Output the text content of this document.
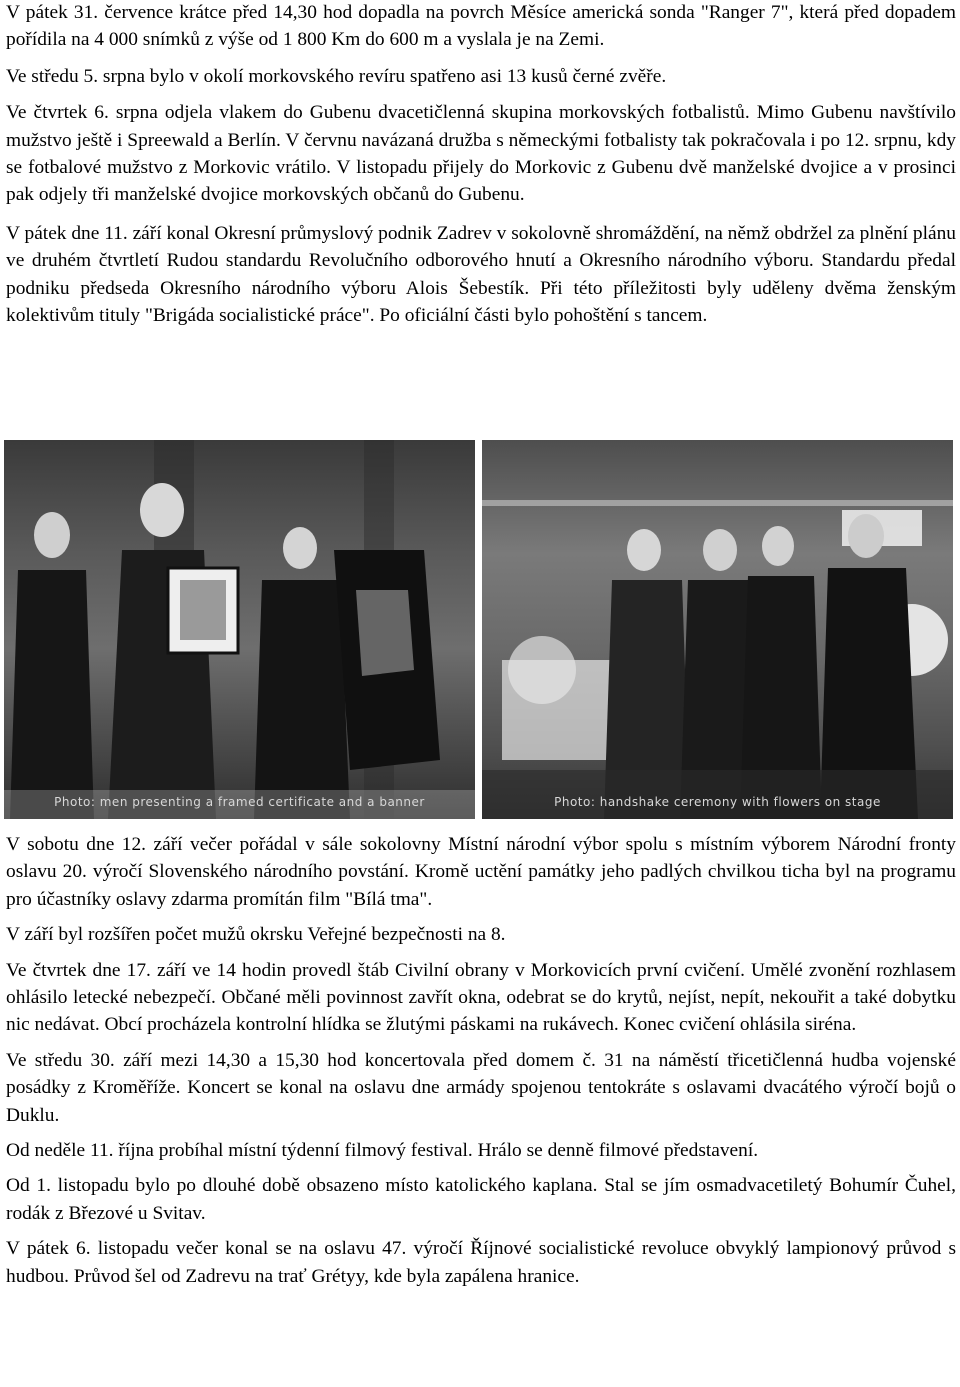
V pátek 31. července krátce před 14,30 hod dopadla na povrch Měsíce americká sonda "Ranger 7", která před dopadem pořídila na 4 000 snímků z výše od 1 800 Km do 600 m a vyslala je na Zemi.

Ve středu 5. srpna bylo v okolí morkovského revíru spatřeno asi 13 kusů černé zvěře.

Ve čtvrtek 6. srpna odjela vlakem do Gubenu dvacetičlenná skupina morkovských fotbalistů. Mimo Gubenu navštívilo mužstvo ještě i Spreewald a Berlín. V červnu navázaná družba s německými fotbalisty tak pokračovala i po 12. srpnu, kdy se fotbalové mužstvo z Morkovic vrátilo. V listopadu přijely do Morkovic z Gubenu dvě manželské dvojice a v prosinci pak odjely tři manželské dvojice morkovských občanů do Gubenu.

V pátek dne 11. září konal Okresní průmyslový podnik Zadrev v sokolovně shromáždění, na němž obdržel za plnění plánu ve druhém čtvrtletí Rudou standardu Revolučního odborového hnutí a Okresního národního výboru. Standardu předal podniku předseda Okresního národního výboru Alois Šebestík. Při této příležitosti byly uděleny dvěma ženským kolektivům tituly "Brigáda socialistické práce". Po oficiální části bylo pohoštění s tancem.

Photo: men presenting a framed certificate and a banner	Photo: handshake ceremony with flowers on stage

V sobotu dne 12. září večer pořádal v sále sokolovny Místní národní výbor spolu s místním výborem Národní fronty oslavu 20. výročí Slovenského národního povstání. Kromě uctění památky jeho padlých chvilkou ticha byl na programu pro účastníky oslavy zdarma promítán film "Bílá tma".

V září byl rozšířen počet mužů okrsku Veřejné bezpečnosti na 8.

Ve čtvrtek dne 17. září ve 14 hodin provedl štáb Civilní obrany v Morkovicích první cvičení. Umělé zvonění rozhlasem ohlásilo letecké nebezpečí. Občané měli povinnost zavřít okna, odebrat se do krytů, nejíst, nepít, nekouřit a také dobytku nic nedávat. Obcí procházela kontrolní hlídka se žlutými páskami na rukávech. Konec cvičení ohlásila siréna.

Ve středu 30. září mezi 14,30 a 15,30 hod koncertovala před domem č. 31 na náměstí třicetičlenná hudba vojenské posádky z Kroměříže. Koncert se konal na oslavu dne armády spojenou tentokráte s oslavami dvacátého výročí bojů o Duklu.

Od neděle 11. října probíhal místní týdenní filmový festival. Hrálo se denně filmové představení.

Od 1. listopadu bylo po dlouhé době obsazeno místo katolického kaplana. Stal se jím osmadvacetiletý Bohumír Čuhel, rodák z Březové u Svitav.

V pátek 6. listopadu večer konal se na oslavu 47. výročí Říjnové socialistické revoluce obvyklý lampionový průvod s hudbou. Průvod šel od Zadrevu na trať Grétyy, kde byla zapálena hranice.
